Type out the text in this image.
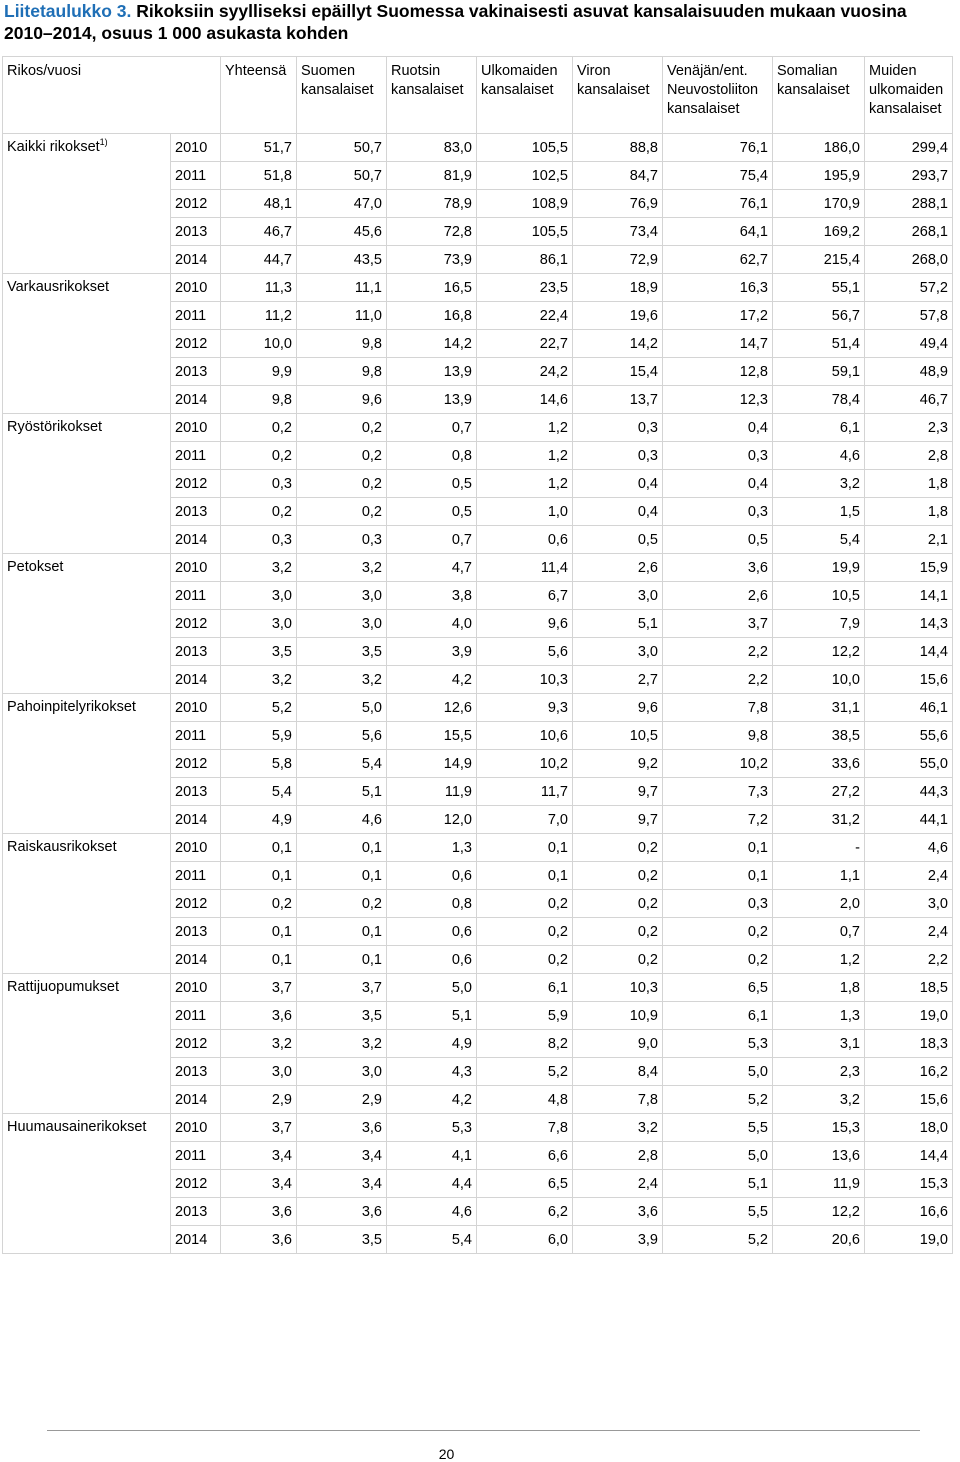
Liitetaulukko 3. Rikoksiin syylliseksi epäillyt Suomessa vakinaisesti asuvat kansalaisuuden mukaan vuosina 2010–2014, osuus 1 000 asukasta kohden
Rikos/vuosi		Yhteensä	Suomen kansalaiset	Ruotsin kansalaiset	Ulkomaiden kansalaiset	Viron kansalaiset	Venäjän/ent. Neuvostoliiton kansalaiset	Somalian kansalaiset	Muiden ulkomaiden kansalaiset
Kaikki rikokset$^{1)}$	2010	51,7	50,7	83,0	105,5	88,8	76,1	186,0	299,4
	2011	51,8	50,7	81,9	102,5	84,7	75,4	195,9	293,7
	2012	48,1	47,0	78,9	108,9	76,9	76,1	170,9	288,1
	2013	46,7	45,6	72,8	105,5	73,4	64,1	169,2	268,1
	2014	44,7	43,5	73,9	86,1	72,9	62,7	215,4	268,0
Varkausrikokset	2010	11,3	11,1	16,5	23,5	18,9	16,3	55,1	57,2
	2011	11,2	11,0	16,8	22,4	19,6	17,2	56,7	57,8
	2012	10,0	9,8	14,2	22,7	14,2	14,7	51,4	49,4
	2013	9,9	9,8	13,9	24,2	15,4	12,8	59,1	48,9
	2014	9,8	9,6	13,9	14,6	13,7	12,3	78,4	46,7
Ryöstörikokset	2010	0,2	0,2	0,7	1,2	0,3	0,4	6,1	2,3
	2011	0,2	0,2	0,8	1,2	0,3	0,3	4,6	2,8
	2012	0,3	0,2	0,5	1,2	0,4	0,4	3,2	1,8
	2013	0,2	0,2	0,5	1,0	0,4	0,3	1,5	1,8
	2014	0,3	0,3	0,7	0,6	0,5	0,5	5,4	2,1
Petokset	2010	3,2	3,2	4,7	11,4	2,6	3,6	19,9	15,9
	2011	3,0	3,0	3,8	6,7	3,0	2,6	10,5	14,1
	2012	3,0	3,0	4,0	9,6	5,1	3,7	7,9	14,3
	2013	3,5	3,5	3,9	5,6	3,0	2,2	12,2	14,4
	2014	3,2	3,2	4,2	10,3	2,7	2,2	10,0	15,6
Pahoinpitelyrikokset	2010	5,2	5,0	12,6	9,3	9,6	7,8	31,1	46,1
	2011	5,9	5,6	15,5	10,6	10,5	9,8	38,5	55,6
	2012	5,8	5,4	14,9	10,2	9,2	10,2	33,6	55,0
	2013	5,4	5,1	11,9	11,7	9,7	7,3	27,2	44,3
	2014	4,9	4,6	12,0	7,0	9,7	7,2	31,2	44,1
Raiskausrikokset	2010	0,1	0,1	1,3	0,1	0,2	0,1	-	4,6
	2011	0,1	0,1	0,6	0,1	0,2	0,1	1,1	2,4
	2012	0,2	0,2	0,8	0,2	0,2	0,3	2,0	3,0
	2013	0,1	0,1	0,6	0,2	0,2	0,2	0,7	2,4
	2014	0,1	0,1	0,6	0,2	0,2	0,2	1,2	2,2
Rattijuopumukset	2010	3,7	3,7	5,0	6,1	10,3	6,5	1,8	18,5
	2011	3,6	3,5	5,1	5,9	10,9	6,1	1,3	19,0
	2012	3,2	3,2	4,9	8,2	9,0	5,3	3,1	18,3
	2013	3,0	3,0	4,3	5,2	8,4	5,0	2,3	16,2
	2014	2,9	2,9	4,2	4,8	7,8	5,2	3,2	15,6
Huumausainerikokset	2010	3,7	3,6	5,3	7,8	3,2	5,5	15,3	18,0
	2011	3,4	3,4	4,1	6,6	2,8	5,0	13,6	14,4
	2012	3,4	3,4	4,4	6,5	2,4	5,1	11,9	15,3
	2013	3,6	3,6	4,6	6,2	3,6	5,5	12,2	16,6
	2014	3,6	3,5	5,4	6,0	3,9	5,2	20,6	19,0
20
